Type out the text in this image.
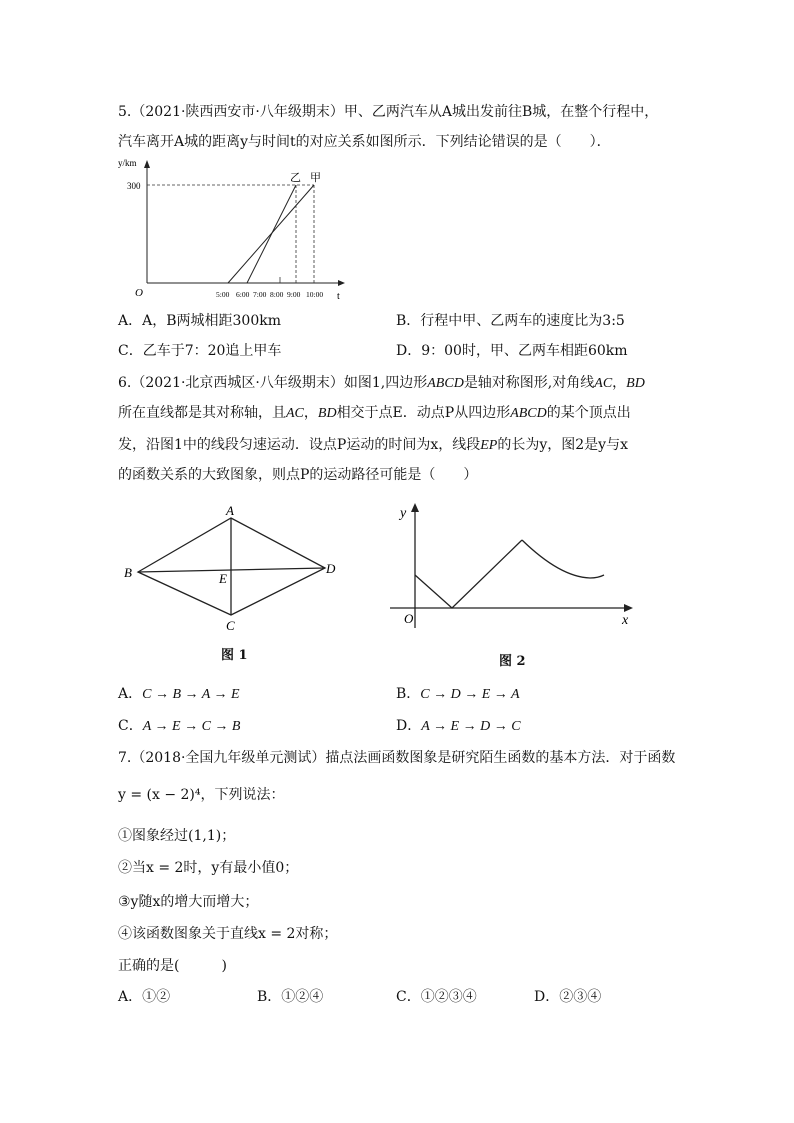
5.（2021·陕西西安市·八年级期末）甲、乙两汽车从A城出发前往B城，在整个行程中，
汽车离开A城的距离y与时间t的对应关系如图所示．下列结论错误的是（　　）．
y/km
300
O	t
乙 甲
5:00 6:00 7:00 8:00 9:00 10:00
A．A，B两城相距300km	B．行程中甲、乙两车的速度比为3:5
C．乙车于7：20追上甲车	D．9：00时，甲、乙两车相距60km
6.（2021·北京西城区·八年级期末）如图1,四边形ABCD是轴对称图形,对角线AC，BD
所在直线都是其对称轴，且AC，BD相交于点E．动点P从四边形ABCD的某个顶点出
发，沿图1中的线段匀速运动．设点P运动的时间为x，线段EP的长为y，图2是y与x
的函数关系的大致图象，则点P的运动路径可能是（　　）
A
B
C
D
E
图 1
y
O	x
图 2
A．C → B → A → E	B．C → D → E → A
C．A → E → C → B	D．A → E → D → C
7.（2018·全国九年级单元测试）描点法画函数图象是研究陌生函数的基本方法．对于函数
y = (x − 2)⁴，下列说法：
①图象经过(1,1)；
②当x = 2时，y有最小值0；
③y随x的增大而增大；
④该函数图象关于直线x = 2对称；
正确的是(　　　)
A．①②	B．①②④	C．①②③④	D．②③④
